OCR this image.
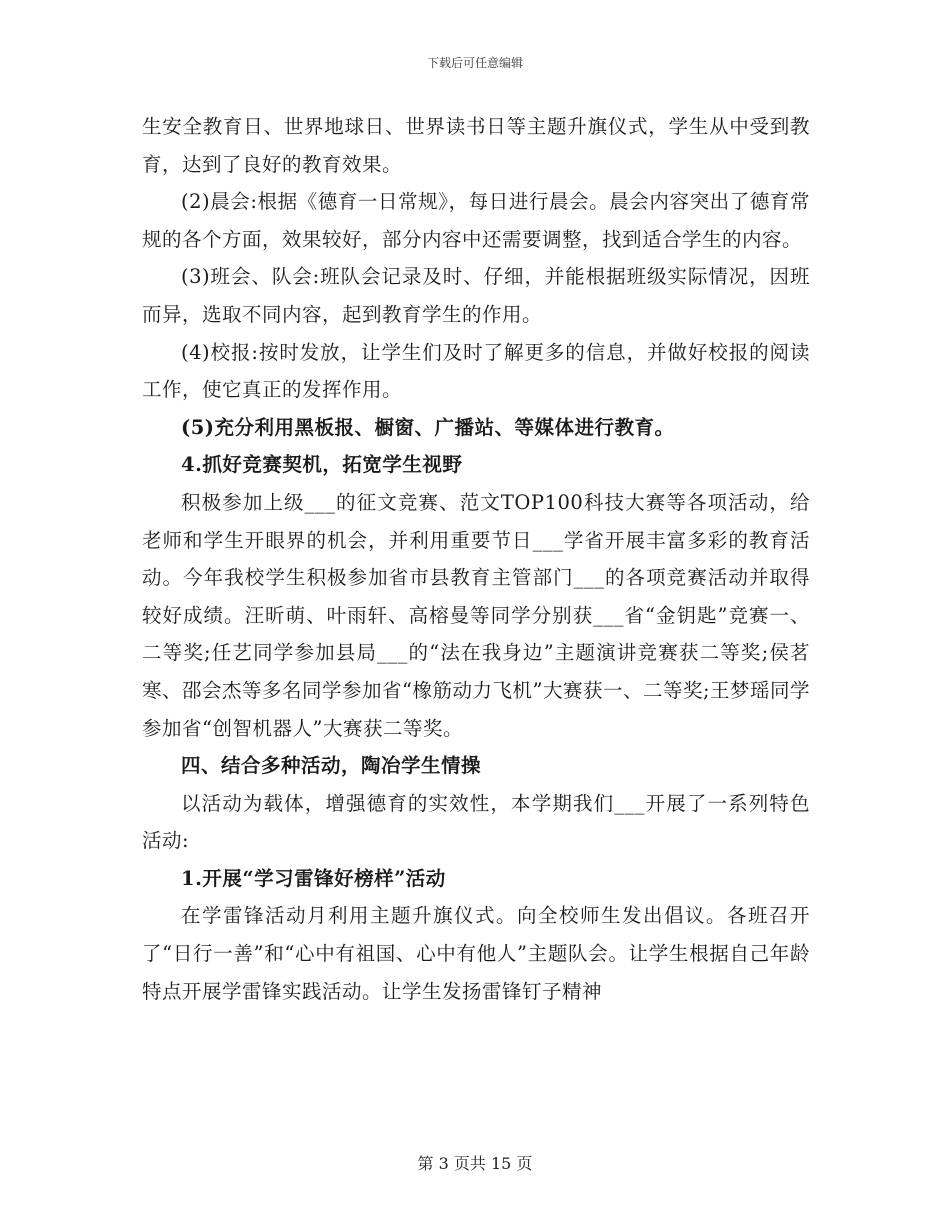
下载后可任意编辑

生安全教育日、世界地球日、世界读书日等主题升旗仪式，学生从中受到教育，达到了良好的教育效果。

(2)晨会:根据《德育一日常规》，每日进行晨会。晨会内容突出了德育常规的各个方面，效果较好，部分内容中还需要调整，找到适合学生的内容。

(3)班会、队会:班队会记录及时、仔细，并能根据班级实际情况，因班而异，选取不同内容，起到教育学生的作用。

(4)校报:按时发放，让学生们及时了解更多的信息，并做好校报的阅读工作，使它真正的发挥作用。

(5)充分利用黑板报、橱窗、广播站、等媒体进行教育。

4.抓好竞赛契机，拓宽学生视野

积极参加上级___的征文竞赛、范文TOP100科技大赛等各项活动，给老师和学生开眼界的机会，并利用重要节日___学省开展丰富多彩的教育活动。今年我校学生积极参加省市县教育主管部门___的各项竞赛活动并取得较好成绩。汪昕萌、叶雨轩、高榕曼等同学分别获___省“金钥匙”竞赛一、二等奖;任艺同学参加县局___的“法在我身边”主题演讲竞赛获二等奖;侯茗寒、邵会杰等多名同学参加省“橡筋动力飞机”大赛获一、二等奖;王梦瑶同学参加省“创智机器人”大赛获二等奖。

四、结合多种活动，陶冶学生情操

以活动为载体，增强德育的实效性，本学期我们___开展了一系列特色活动:

1.开展“学习雷锋好榜样”活动

在学雷锋活动月利用主题升旗仪式。向全校师生发出倡议。各班召开了“日行一善”和“心中有祖国、心中有他人”主题队会。让学生根据自己年龄特点开展学雷锋实践活动。让学生发扬雷锋钉子精神

第 3 页共 15 页
